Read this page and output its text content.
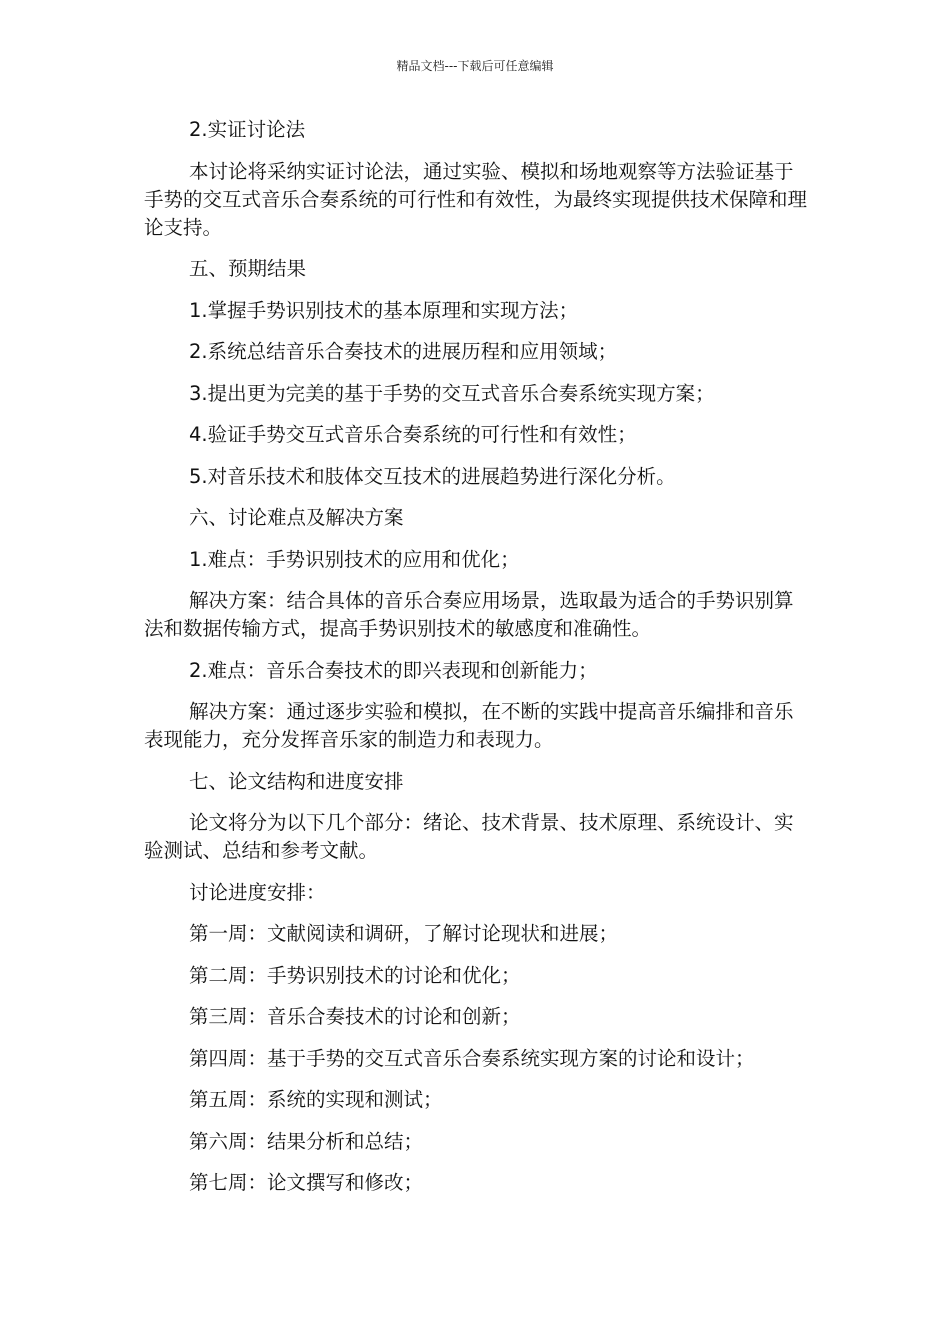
精品文档---下载后可任意编辑

2.实证讨论法

本讨论将采纳实证讨论法，通过实验、模拟和场地观察等方法验证基于手势的交互式音乐合奏系统的可行性和有效性，为最终实现提供技术保障和理论支持。

五、预期结果

1.掌握手势识别技术的基本原理和实现方法；

2.系统总结音乐合奏技术的进展历程和应用领域；

3.提出更为完美的基于手势的交互式音乐合奏系统实现方案；

4.验证手势交互式音乐合奏系统的可行性和有效性；

5.对音乐技术和肢体交互技术的进展趋势进行深化分析。

六、讨论难点及解决方案

1.难点：手势识别技术的应用和优化；

解决方案：结合具体的音乐合奏应用场景，选取最为适合的手势识别算法和数据传输方式，提高手势识别技术的敏感度和准确性。

2.难点：音乐合奏技术的即兴表现和创新能力；

解决方案：通过逐步实验和模拟，在不断的实践中提高音乐编排和音乐表现能力，充分发挥音乐家的制造力和表现力。

七、论文结构和进度安排

论文将分为以下几个部分：绪论、技术背景、技术原理、系统设计、实验测试、总结和参考文献。

讨论进度安排：

第一周：文献阅读和调研，了解讨论现状和进展；

第二周：手势识别技术的讨论和优化；

第三周：音乐合奏技术的讨论和创新；

第四周：基于手势的交互式音乐合奏系统实现方案的讨论和设计；

第五周：系统的实现和测试；

第六周：结果分析和总结；

第七周：论文撰写和修改；
